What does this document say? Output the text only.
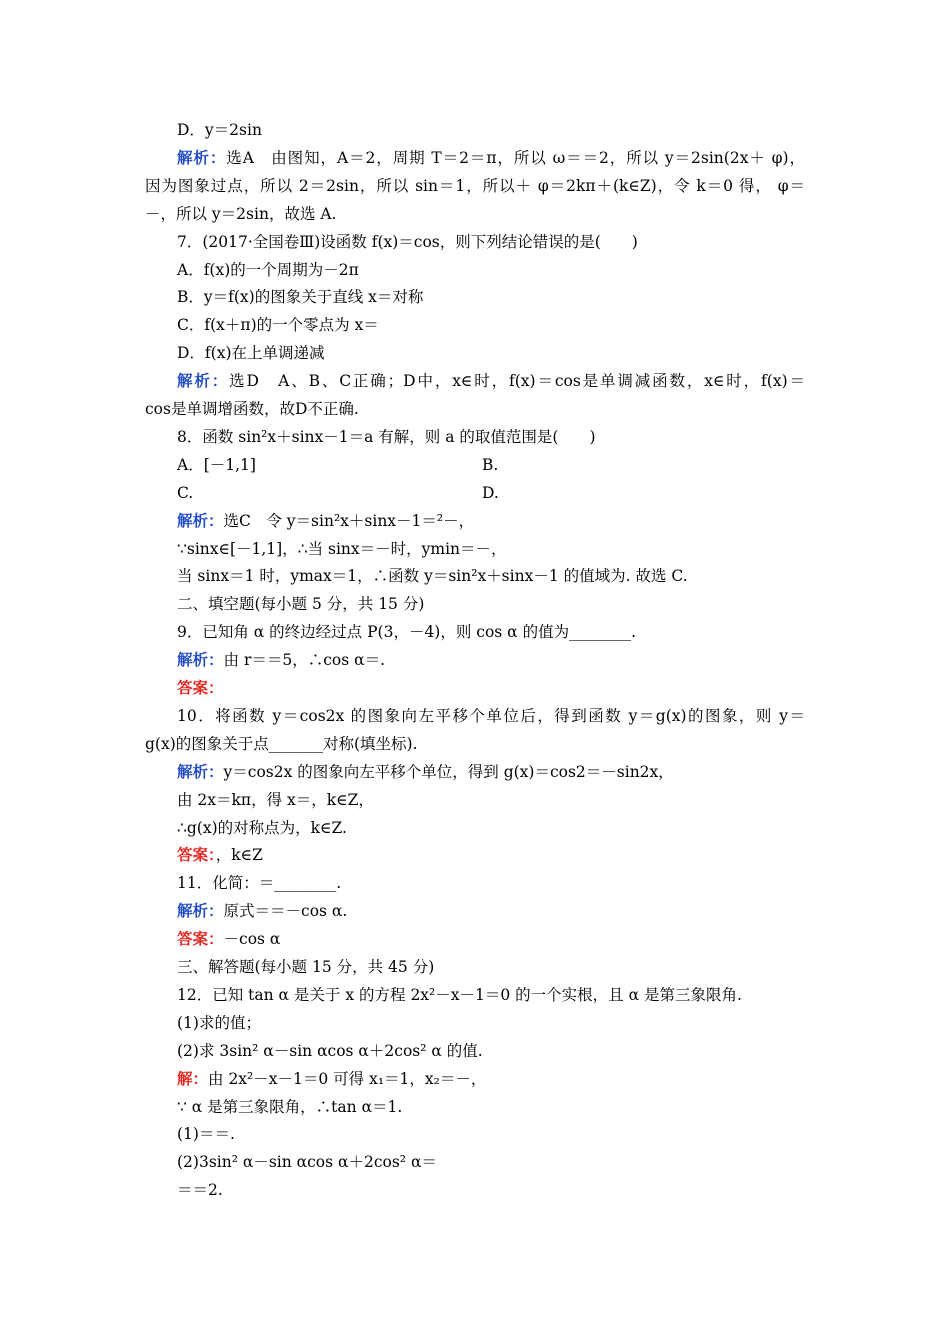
D．y＝2sin
解析：选A　由图知，A＝2，周期 T＝2＝π，所以 ω＝＝2，所以 y＝2sin(2x＋ φ)，
因为图象过点，所以 2＝2sin，所以 sin＝1，所以＋ φ＝2kπ＋(k∈Z)，令 k＝0 得， φ＝
－，所以 y＝2sin，故选 A.
7．(2017·全国卷Ⅲ)设函数 f(x)＝cos，则下列结论错误的是(　　)
A．f(x)的一个周期为－2π
B．y＝f(x)的图象关于直线 x＝对称
C．f(x＋π)的一个零点为 x＝
D．f(x)在上单调递减
解析：选D　A、B、C正确；D中，x∈时，f(x)＝cos是单调减函数，x∈时，f(x)＝
cos是单调增函数，故D不正确.
8．函数 sin²x＋sinx－1＝a 有解，则 a 的取值范围是(　　)
A．[－1,1]	B.
C.	D.
解析：选C　令 y＝sin²x＋sinx－1＝²－，
∵sinx∈[－1,1]，∴当 sinx＝－时，ymin＝－，
当 sinx＝1 时，ymax＝1，∴函数 y＝sin²x＋sinx－1 的值域为. 故选 C.
二、填空题(每小题 5 分，共 15 分)
9．已知角 α 的终边经过点 P(3，－4)，则 cos α 的值为________.
解析：由 r＝＝5，∴cos α＝.
答案：
10．将函数 y＝cos2x 的图象向左平移个单位后，得到函数 y＝g(x)的图象，则 y＝
g(x)的图象关于点_______对称(填坐标).
解析：y＝cos2x 的图象向左平移个单位，得到 g(x)＝cos2＝－sin2x，
由 2x＝kπ，得 x＝，k∈Z，
∴g(x)的对称点为，k∈Z.
答案：，k∈Z
11．化简：＝________.
解析：原式＝＝－cos α.
答案：－cos α
三、解答题(每小题 15 分，共 45 分)
12．已知 tan α 是关于 x 的方程 2x²－x－1＝0 的一个实根，且 α 是第三象限角.
(1)求的值；
(2)求 3sin² α－sin αcos α＋2cos² α 的值.
解：由 2x²－x－1＝0 可得 x₁＝1，x₂＝－，
∵ α 是第三象限角，∴tan α＝1.
(1)＝＝.
(2)3sin² α－sin αcos α＋2cos² α＝
＝＝2.
